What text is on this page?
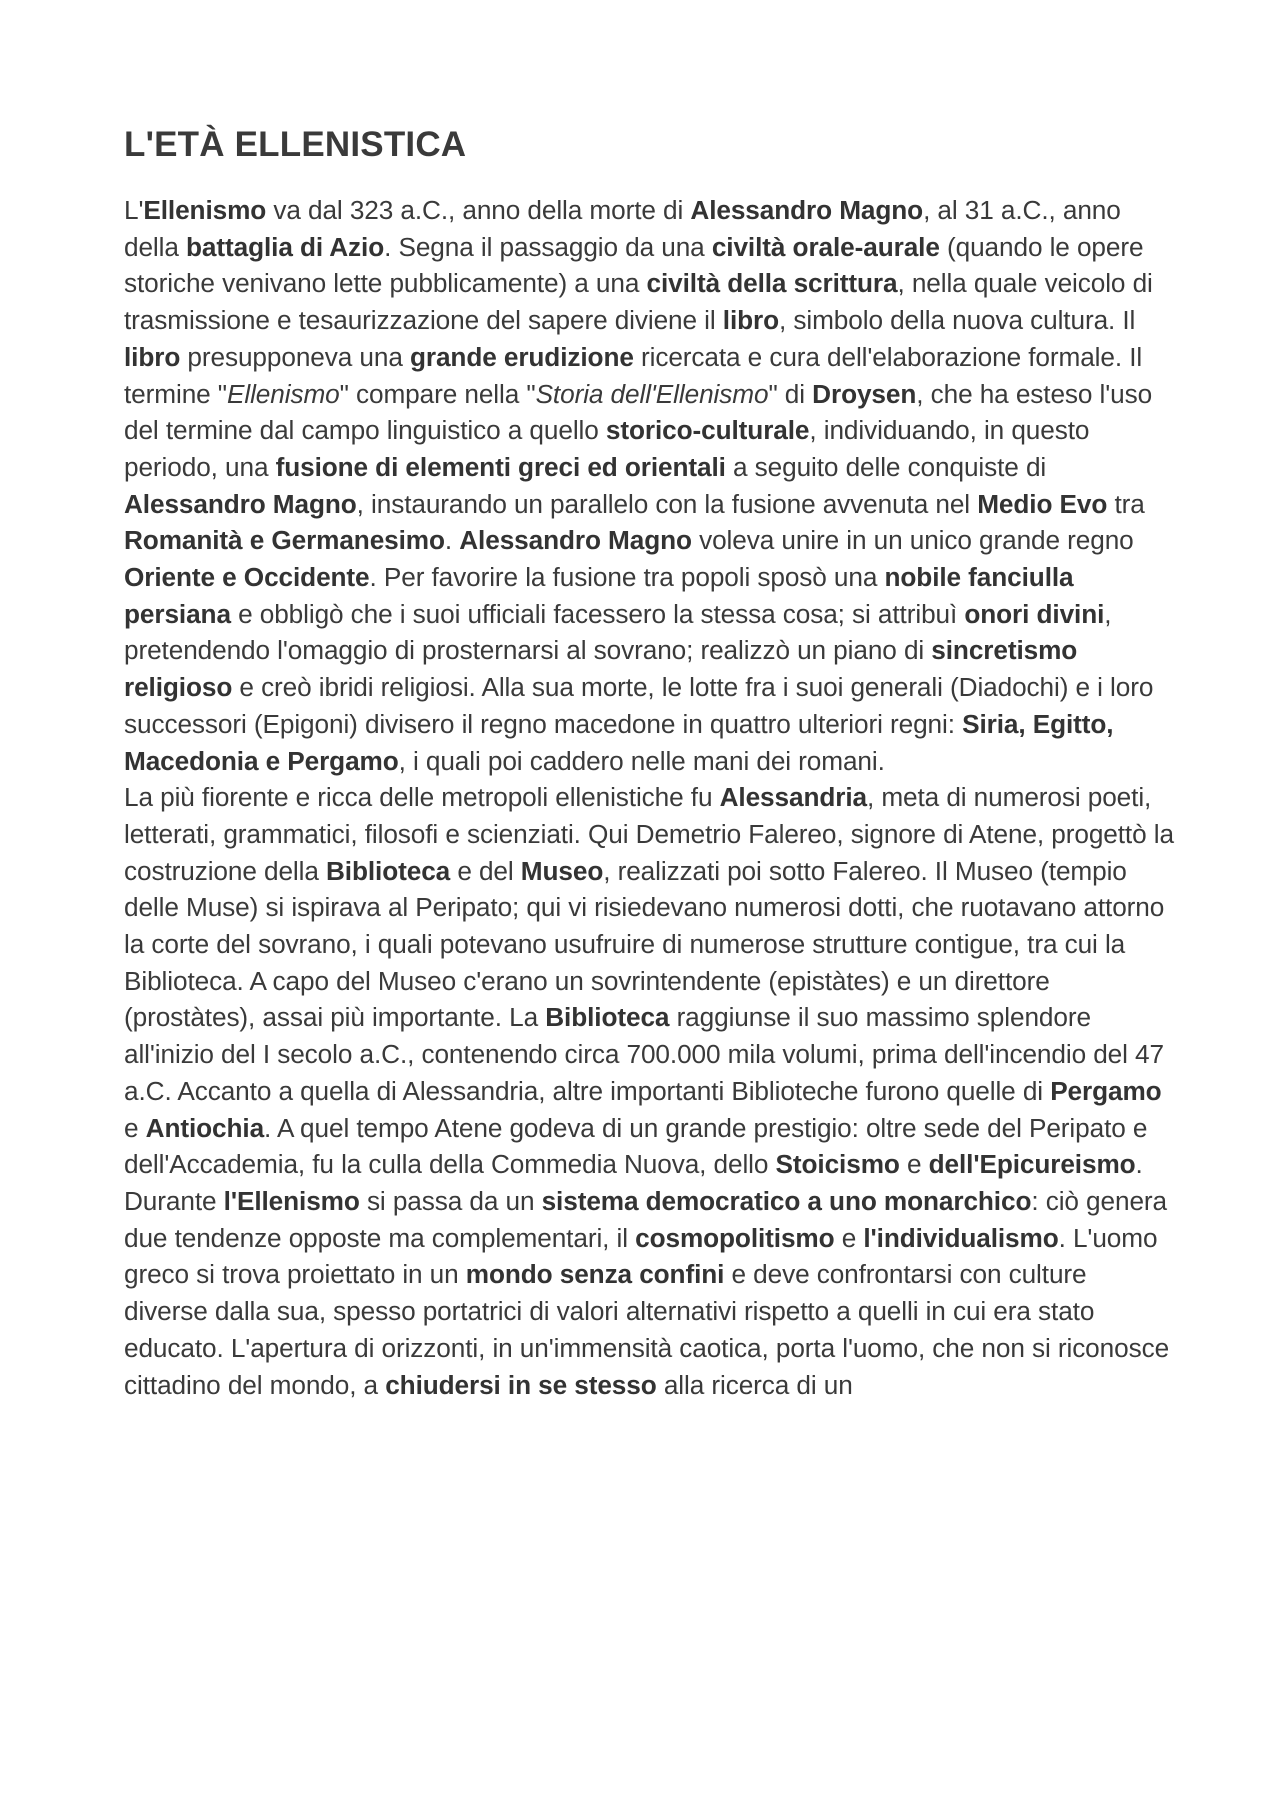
L'ETÀ ELLENISTICA

L'Ellenismo va dal 323 a.C., anno della morte di Alessandro Magno, al 31 a.C., anno della battaglia di Azio. Segna il passaggio da una civiltà orale-aurale (quando le opere storiche venivano lette pubblicamente) a una civiltà della scrittura, nella quale veicolo di trasmissione e tesaurizzazione del sapere diviene il libro, simbolo della nuova cultura. Il libro presupponeva una grande erudizione ricercata e cura dell'elaborazione formale. Il termine "Ellenismo" compare nella "Storia dell'Ellenismo" di Droysen, che ha esteso l'uso del termine dal campo linguistico a quello storico-culturale, individuando, in questo periodo, una fusione di elementi greci ed orientali a seguito delle conquiste di Alessandro Magno, instaurando un parallelo con la fusione avvenuta nel Medio Evo tra Romanità e Germanesimo. Alessandro Magno voleva unire in un unico grande regno Oriente e Occidente. Per favorire la fusione tra popoli sposò una nobile fanciulla persiana e obbligò che i suoi ufficiali facessero la stessa cosa; si attribuì onori divini, pretendendo l'omaggio di prosternarsi al sovrano; realizzò un piano di sincretismo religioso e creò ibridi religiosi. Alla sua morte, le lotte fra i suoi generali (Diadochi) e i loro successori (Epigoni) divisero il regno macedone in quattro ulteriori regni: Siria, Egitto, Macedonia e Pergamo, i quali poi caddero nelle mani dei romani.

La più fiorente e ricca delle metropoli ellenistiche fu Alessandria, meta di numerosi poeti, letterati, grammatici, filosofi e scienziati. Qui Demetrio Falereo, signore di Atene, progettò la costruzione della Biblioteca e del Museo, realizzati poi sotto Falereo. Il Museo (tempio delle Muse) si ispirava al Peripato; qui vi risiedevano numerosi dotti, che ruotavano attorno la corte del sovrano, i quali potevano usufruire di numerose strutture contigue, tra cui la Biblioteca. A capo del Museo c'erano un sovrintendente (epistàtes) e un direttore (prostàtes), assai più importante. La Biblioteca raggiunse il suo massimo splendore all'inizio del I secolo a.C., contenendo circa 700.000 mila volumi, prima dell'incendio del 47 a.C. Accanto a quella di Alessandria, altre importanti Biblioteche furono quelle di Pergamo e Antiochia. A quel tempo Atene godeva di un grande prestigio: oltre sede del Peripato e dell'Accademia, fu la culla della Commedia Nuova, dello Stoicismo e dell'Epicureismo.

Durante l'Ellenismo si passa da un sistema democratico a uno monarchico: ciò genera due tendenze opposte ma complementari, il cosmopolitismo e l'individualismo. L'uomo greco si trova proiettato in un mondo senza confini e deve confrontarsi con culture diverse dalla sua, spesso portatrici di valori alternativi rispetto a quelli in cui era stato educato. L'apertura di orizzonti, in un'immensità caotica, porta l'uomo, che non si riconosce cittadino del mondo, a chiudersi in se stesso alla ricerca di un
